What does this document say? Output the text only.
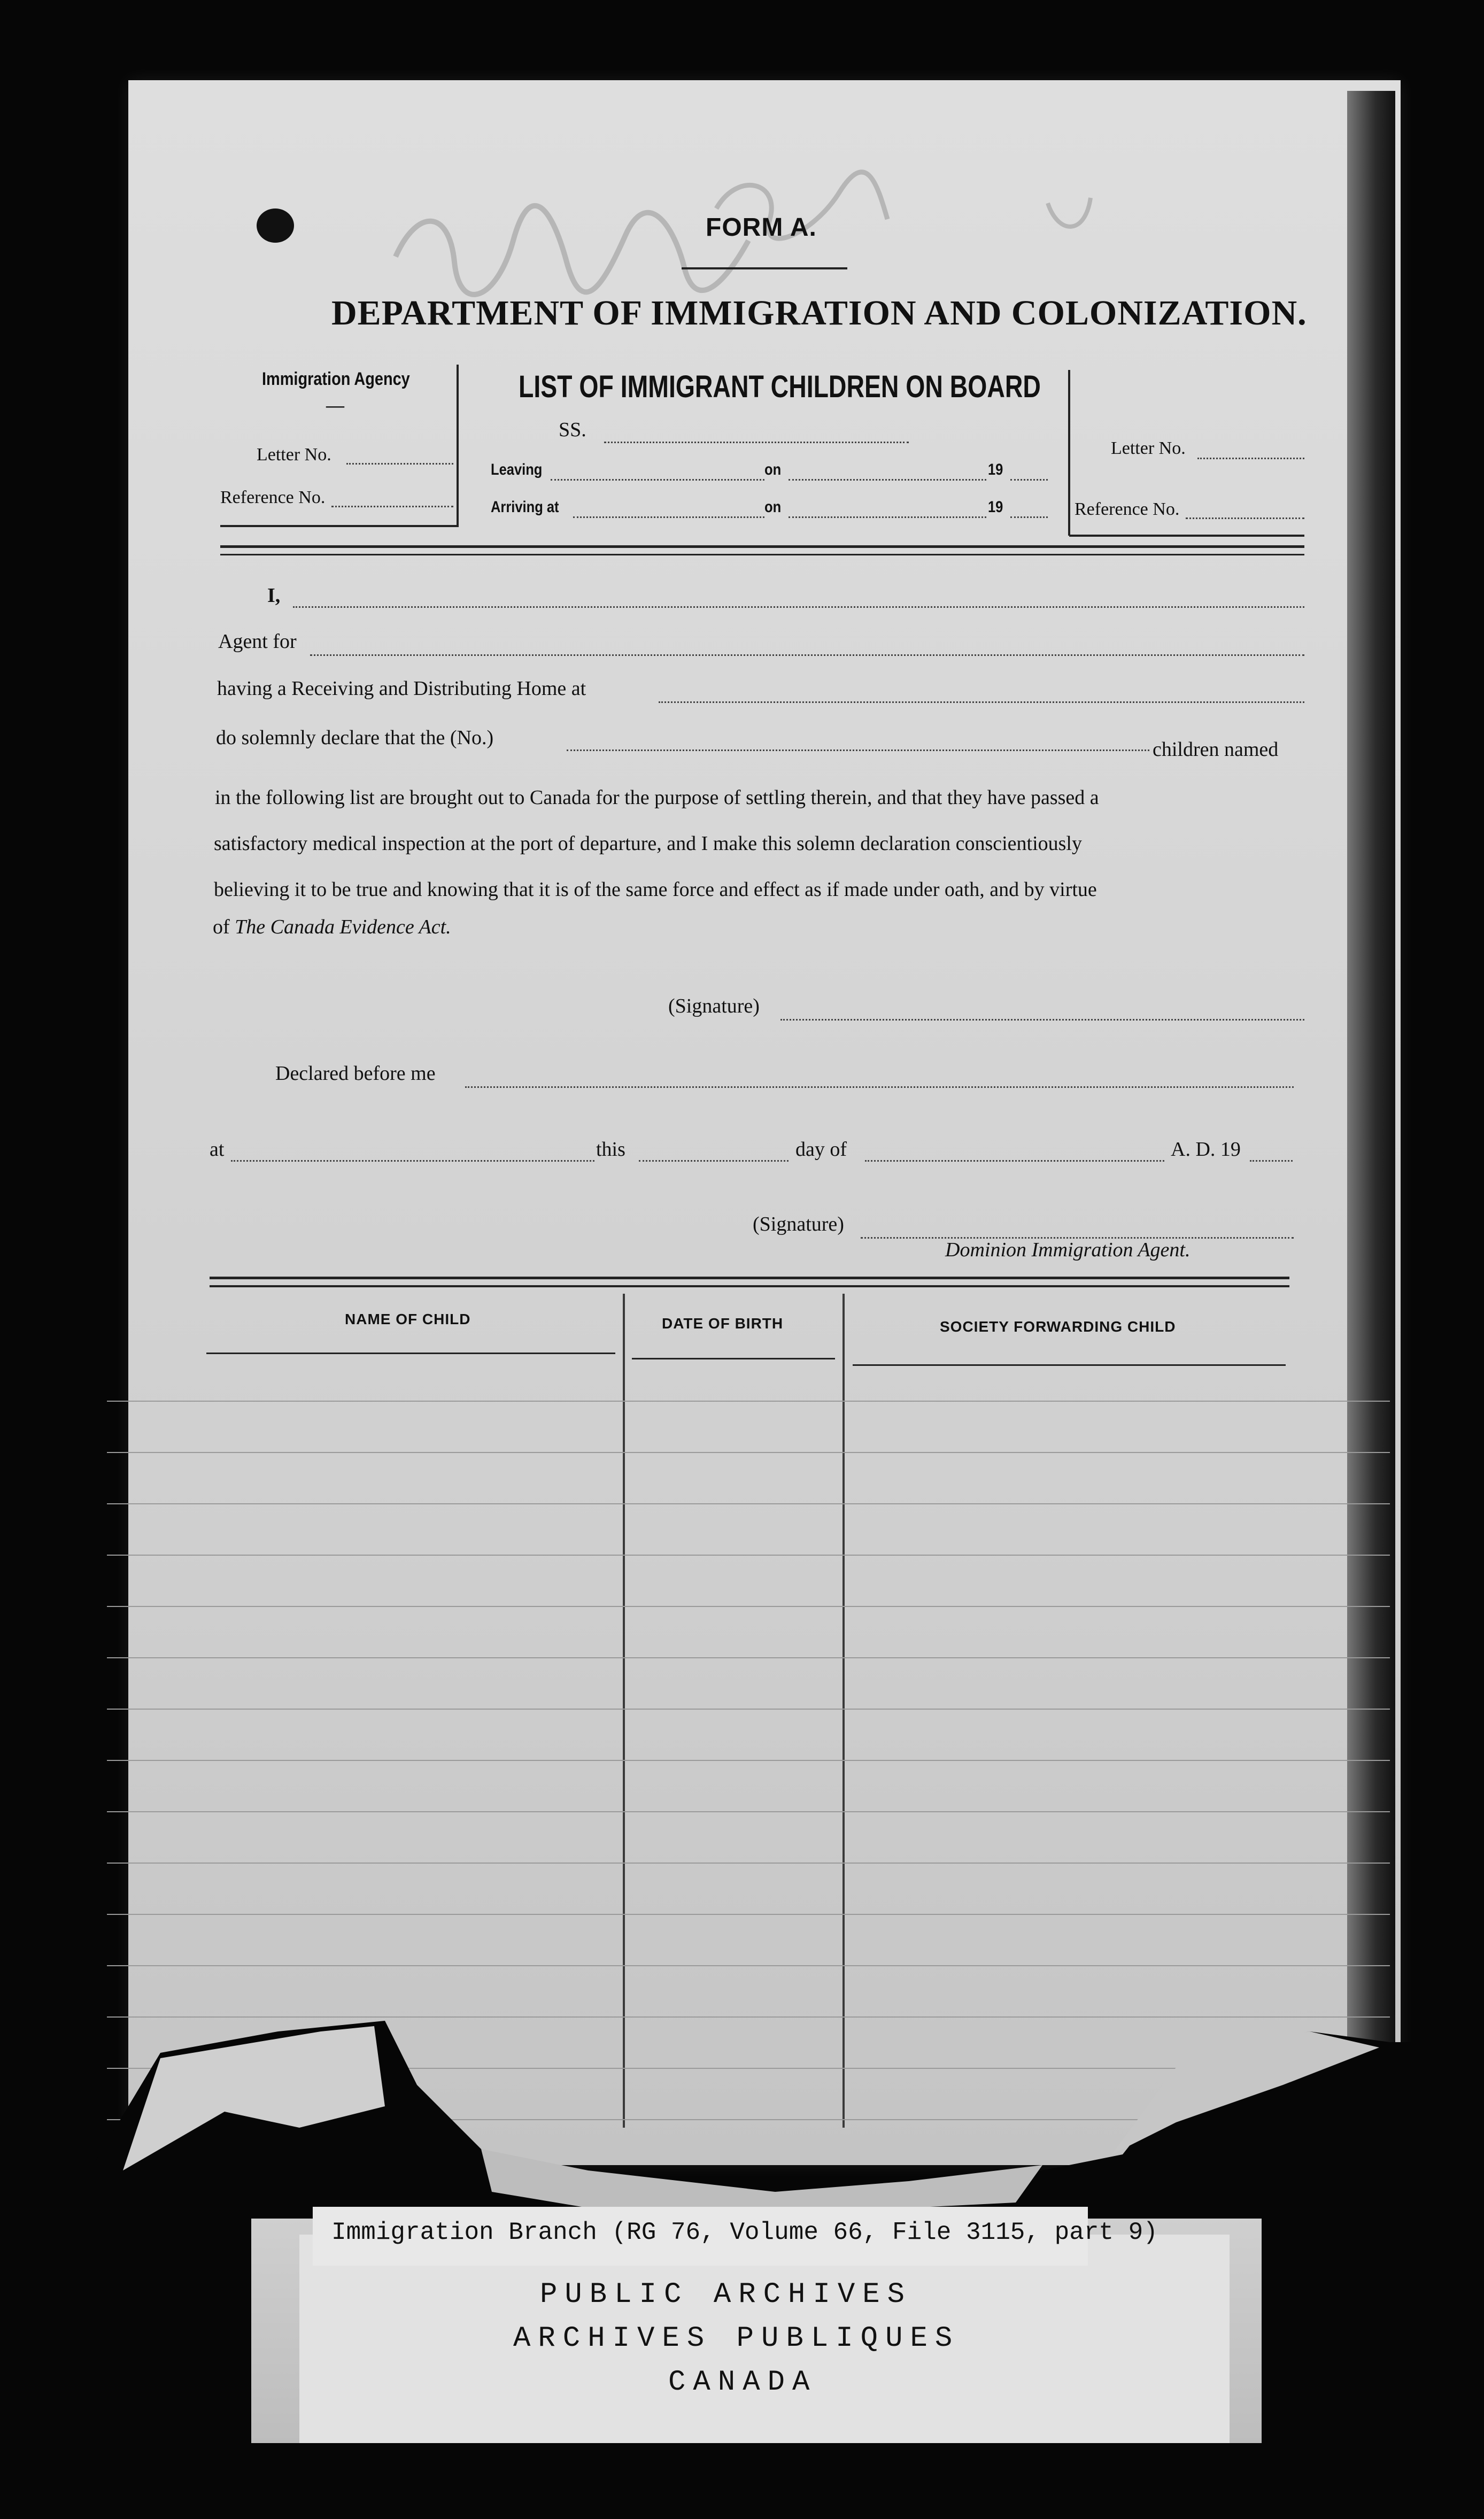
FORM A.
DEPARTMENT OF IMMIGRATION AND COLONIZATION.
Immigration Agency
—
Letter No.
Reference No.
LIST OF IMMIGRANT CHILDREN ON BOARD
SS.
Leaving	on	19
Arriving at	on	19
Letter No.
Reference No.
I,
Agent for
having a Receiving and Distributing Home at
do solemnly declare that the (No.)
children named
in the following list are brought out to Canada for the purpose of settling therein, and that they have passed a
satisfactory medical inspection at the port of departure, and I make this solemn declaration conscientiously
believing it to be true and knowing that it is of the same force and effect as if made under oath, and by virtue
of The Canada Evidence Act.
(Signature)
Declared before me
at	this	day of	A. D. 19
(Signature)
Dominion Immigration Agent.
NAME OF CHILD	DATE OF BIRTH	SOCIETY FORWARDING CHILD
Immigration Branch (RG 76, Volume 66, File 3115, part 9)
PUBLIC ARCHIVES
ARCHIVES PUBLIQUES
CANADA
